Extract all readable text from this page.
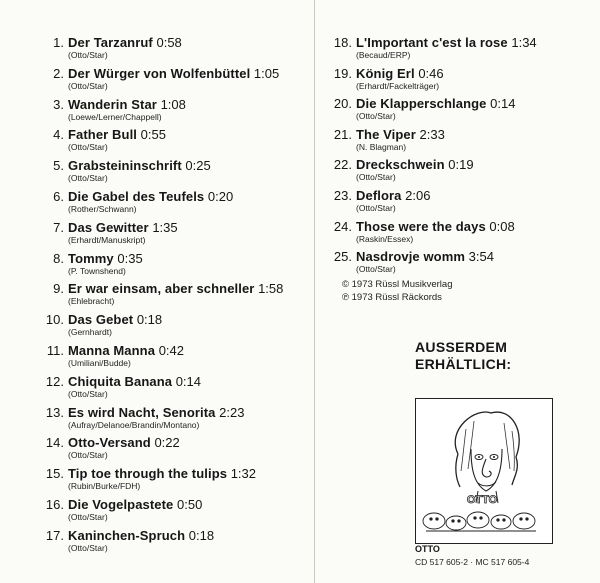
1. Der Tarzanruf 0:58
(Otto/Star)
2. Der Würger von Wolfenbüttel 1:05
(Otto/Star)
3. Wanderin Star 1:08
(Loewe/Lerner/Chappell)
4. Father Bull 0:55
(Otto/Star)
5. Grabsteininschrift 0:25
(Otto/Star)
6. Die Gabel des Teufels 0:20
(Rother/Schwann)
7. Das Gewitter 1:35
(Erhardt/Manuskript)
8. Tommy 0:35
(P. Townshend)
9. Er war einsam, aber schneller 1:58
(Ehlebracht)
10. Das Gebet 0:18
(Gernhardt)
11. Manna Manna 0:42
(Umiliani/Budde)
12. Chiquita Banana 0:14
(Otto/Star)
13. Es wird Nacht, Senorita 2:23
(Aufray/Delanoe/Brandin/Montano)
14. Otto-Versand 0:22
(Otto/Star)
15. Tip toe through the tulips 1:32
(Rubin/Burke/FDH)
16. Die Vogelpastete 0:50
(Otto/Star)
17. Kaninchen-Spruch 0:18
(Otto/Star)
18. L'Important c'est la rose 1:34
(Becaud/ERP)
19. König Erl 0:46
(Erhardt/Fackelträger)
20. Die Klapperschlange 0:14
(Otto/Star)
21. The Viper 2:33
(N. Blagman)
22. Dreckschwein 0:19
(Otto/Star)
23. Deflora 2:06
(Otto/Star)
24. Those were the days 0:08
(Raskin/Essex)
25. Nasdrovje womm 3:54
(Otto/Star)
© 1973 Rüssl Musikverlag
℗ 1973 Rüssl Räckords
AUSSERDEM
ERHÄLTLICH:
OTTO
OTTO
CD 517 605-2 · MC 517 605-4
